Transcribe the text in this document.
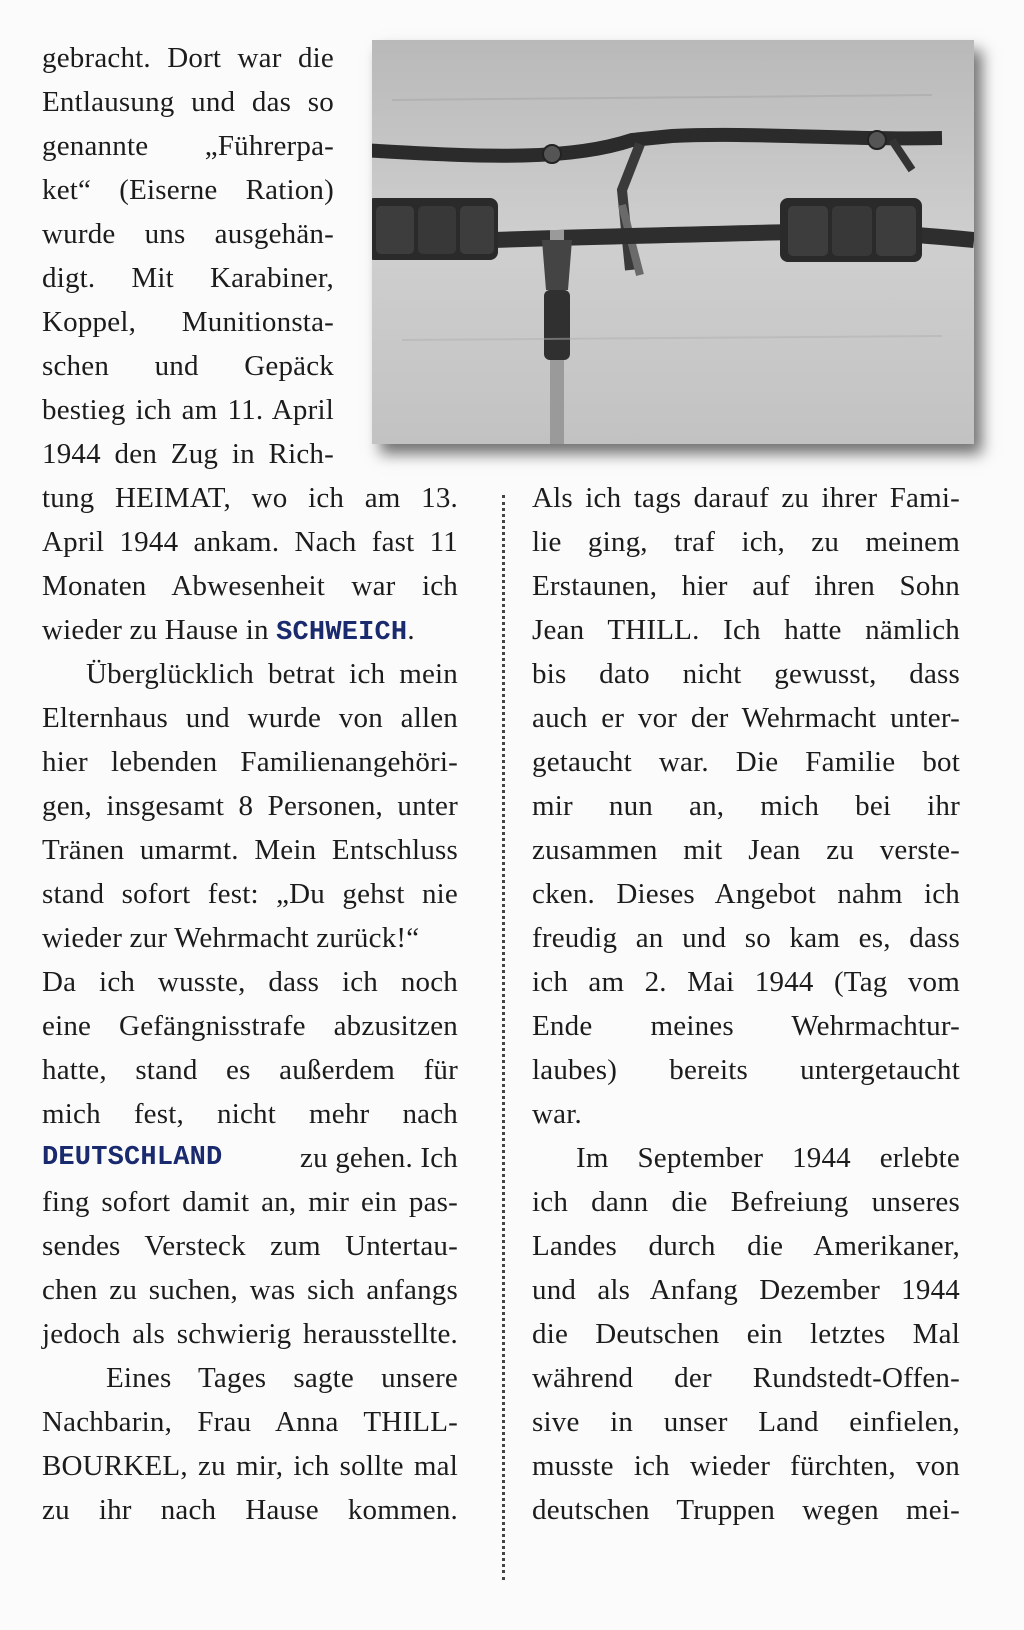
gebracht. Dort war die
Entlausung und das so
genannte „Führerpa-
ket“ (Eiserne Ration)
wurde uns ausgehän-
digt. Mit Karabiner,
Koppel, Munitionsta-
schen und Gepäck
bestieg ich am 11. April
1944 den Zug in Rich-
tung HEIMAT, wo ich am 13.
April 1944 ankam. Nach fast 11
Monaten Abwesenheit war ich
wieder zu Hause in SCHWEICH.
Überglücklich betrat ich mein
Elternhaus und wurde von allen
hier lebenden Familienangehöri-
gen, insgesamt 8 Personen, unter
Tränen umarmt. Mein Entschluss
stand sofort fest: „Du gehst nie
wieder zur Wehrmacht zurück!“
Da ich wusste, dass ich noch
eine Gefängnisstrafe abzusitzen
hatte, stand es außerdem für
mich fest, nicht mehr nach
DEUTSCHLAND	zu gehen. Ich
fing sofort damit an, mir ein pas-
sendes Versteck zum Untertau-
chen zu suchen, was sich anfangs
jedoch als schwierig herausstellte.
Eines Tages sagte unsere
Nachbarin, Frau Anna THILL-
BOURKEL, zu mir, ich sollte mal
zu ihr nach Hause kommen.
Als ich tags darauf zu ihrer Fami-
lie ging, traf ich, zu meinem
Erstaunen, hier auf ihren Sohn
Jean THILL. Ich hatte nämlich
bis dato nicht gewusst, dass
auch er vor der Wehrmacht unter-
getaucht war. Die Familie bot
mir nun an, mich bei ihr
zusammen mit Jean zu verste-
cken. Dieses Angebot nahm ich
freudig an und so kam es, dass
ich am 2. Mai 1944 (Tag vom
Ende meines Wehrmachtur-
laubes) bereits untergetaucht
war.
Im September 1944 erlebte
ich dann die Befreiung unseres
Landes durch die Amerikaner,
und als Anfang Dezember 1944
die Deutschen ein letztes Mal
während der Rundstedt-Offen-
sive in unser Land einfielen,
musste ich wieder fürchten, von
deutschen Truppen wegen mei-
